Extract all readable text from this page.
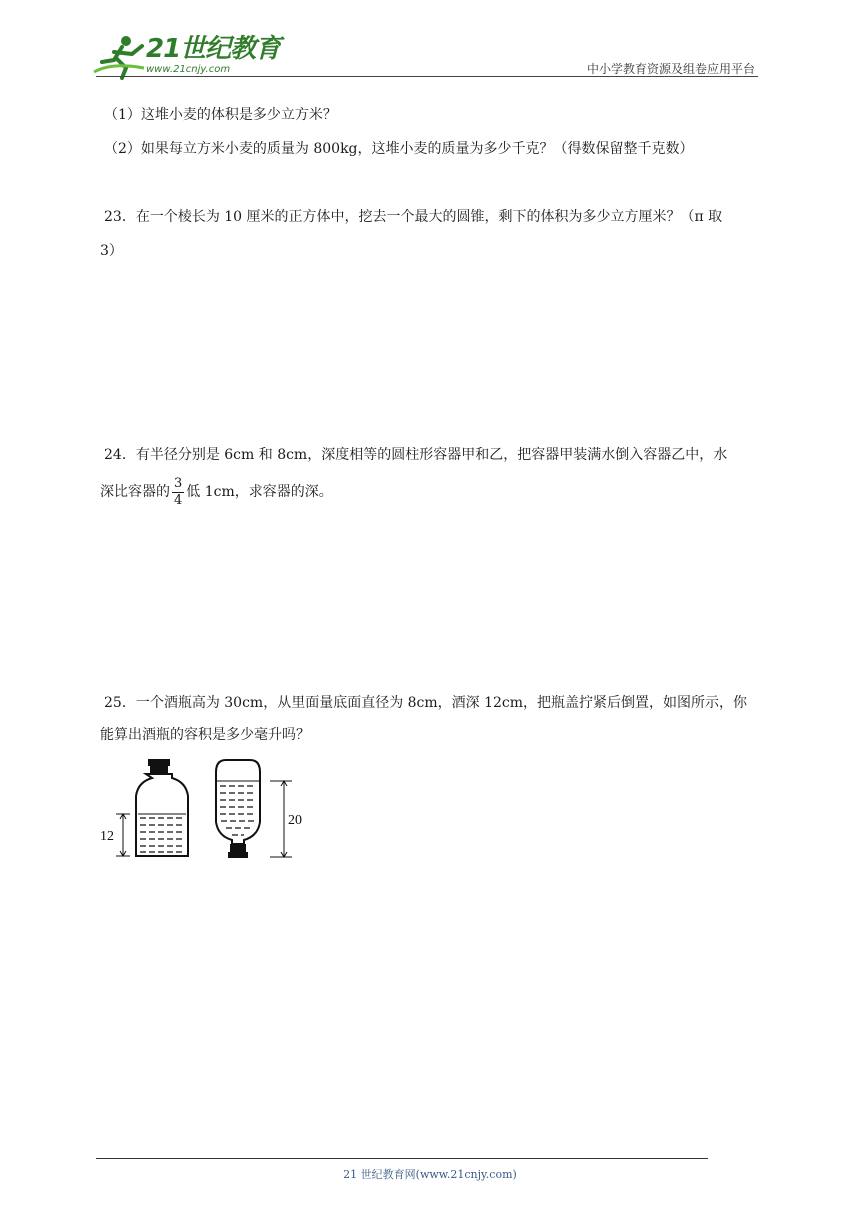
21世纪教育
www.21cnjy.com	中小学教育资源及组卷应用平台
（1）这堆小麦的体积是多少立方米？
（2）如果每立方米小麦的质量为 800kg，这堆小麦的质量为多少千克？（得数保留整千克数）
23．在一个棱长为 10 厘米的正方体中，挖去一个最大的圆锥，剩下的体积为多少立方厘米？（π 取
3）
24．有半径分别是 6cm 和 8cm，深度相等的圆柱形容器甲和乙，把容器甲装满水倒入容器乙中，水
深比容器的 $\frac{3}{4}$ 低 1cm，求容器的深。
25．一个酒瓶高为 30cm，从里面量底面直径为 8cm，酒深 12cm，把瓶盖拧紧后倒置，如图所示，你
能算出酒瓶的容积是多少毫升吗？
12
20
21 世纪教育网(www.21cnjy.com)
